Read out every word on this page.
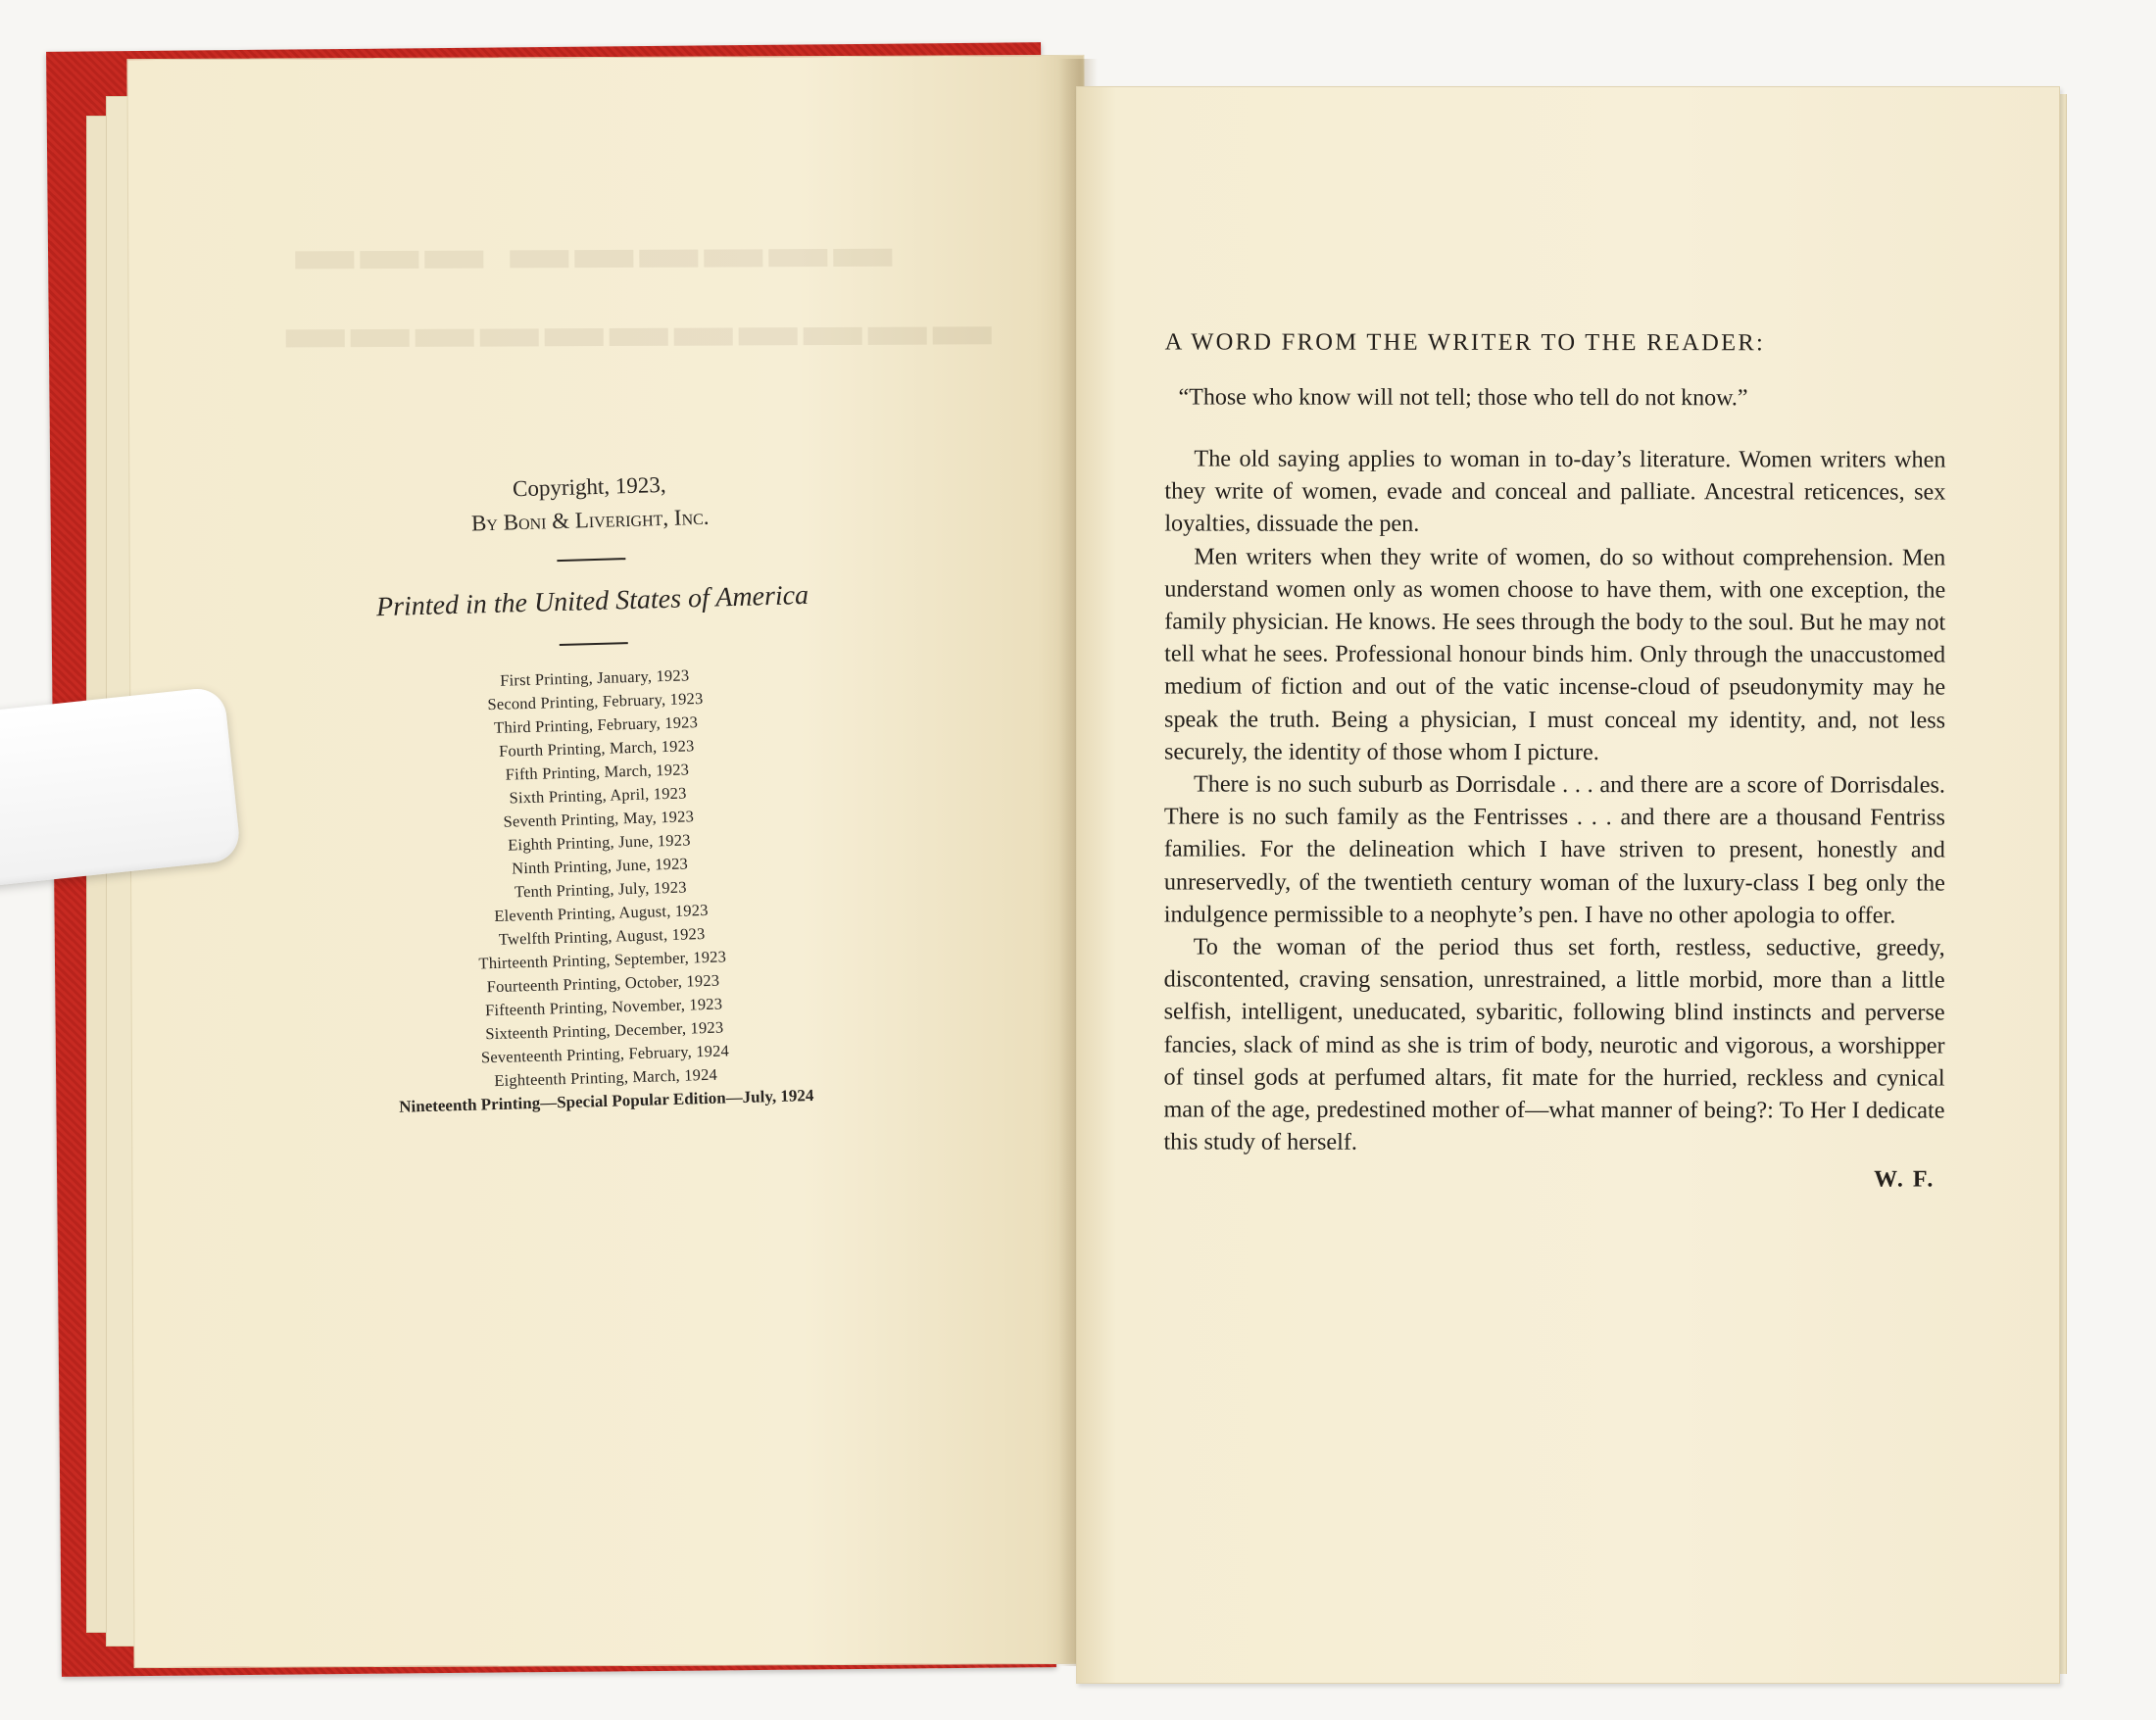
▬▬▬ ▬▬▬▬▬▬
▬▬▬▬▬▬▬▬▬▬▬
Copyright, 1923,
By Boni & Liveright, Inc.
Printed in the United States of America
First Printing, January, 1923
Second Printing, February, 1923
Third Printing, February, 1923
Fourth Printing, March, 1923
Fifth Printing, March, 1923
Sixth Printing, April, 1923
Seventh Printing, May, 1923
Eighth Printing, June, 1923
Ninth Printing, June, 1923
Tenth Printing, July, 1923
Eleventh Printing, August, 1923
Twelfth Printing, August, 1923
Thirteenth Printing, September, 1923
Fourteenth Printing, October, 1923
Fifteenth Printing, November, 1923
Sixteenth Printing, December, 1923
Seventeenth Printing, February, 1924
Eighteenth Printing, March, 1924
Nineteenth Printing—Special Popular Edition—July, 1924
A WORD FROM THE WRITER TO THE READER:
“Those who know will not tell; those who tell do not know.”

The old saying applies to woman in to-day’s literature. Women writers when they write of women, evade and conceal and palliate. Ancestral reticences, sex loyalties, dissuade the pen.

Men writers when they write of women, do so without comprehension. Men understand women only as women choose to have them, with one exception, the family physician. He knows. He sees through the body to the soul. But he may not tell what he sees. Professional honour binds him. Only through the unaccustomed medium of fiction and out of the vatic incense-cloud of pseudonymity may he speak the truth. Being a physician, I must conceal my identity, and, not less securely, the identity of those whom I picture.

There is no such suburb as Dorrisdale . . . and there are a score of Dorrisdales. There is no such family as the Fentrisses . . . and there are a thousand Fentriss families. For the delineation which I have striven to present, honestly and unreservedly, of the twentieth century woman of the luxury-class I beg only the indulgence permissible to a neophyte’s pen. I have no other apologia to offer.

To the woman of the period thus set forth, restless, seductive, greedy, discontented, craving sensation, unrestrained, a little morbid, more than a little selfish, intelligent, uneducated, sybaritic, following blind instincts and perverse fancies, slack of mind as she is trim of body, neurotic and vigorous, a worshipper of tinsel gods at perfumed altars, fit mate for the hurried, reckless and cynical man of the age, predestined mother of—what manner of being?: To Her I dedicate this study of herself.

W. F.
